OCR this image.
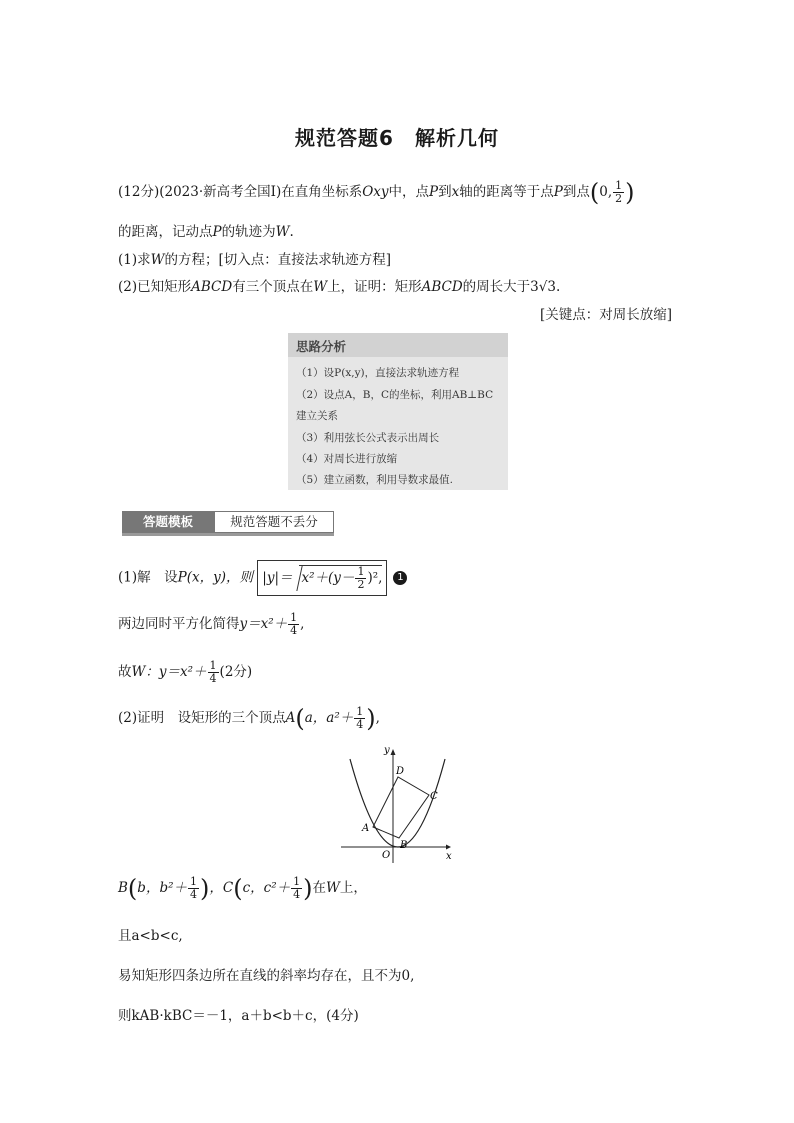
规范答题6　解析几何
(12分)(2023·新高考全国Ⅰ)在直角坐标系Oxy中，点P到x轴的距离等于点P到点(0, $\frac{1}{2}$ )
的距离，记动点P的轨迹为W.
(1)求W的方程；[切入点：直接法求轨迹方程]
(2)已知矩形ABCD有三个顶点在W上，证明：矩形ABCD的周长大于3√3.
[关键点：对周长放缩]
思路分析
（1）设P(x,y)，直接法求轨迹方程
（2）设点A，B，C的坐标，利用AB⊥BC
建立关系
（3）利用弦长公式表示出周长
（4）对周长进行放缩
（5）建立函数，利用导数求最值.
答题模板	规范答题不丢分
(1)解　设P(x，y)，则 $|y|= x^2+(y- \frac{1}{2} )^2$, 1
两边同时平方化简得$y=x^2+ \frac{1}{4}$ ,
故W：$y=x^2+ \frac{1}{4} (2$分)
(2)证明　设矩形的三个顶点A(a，$a^2+ \frac{1}{4}$ ),
y
x
O
A
B
C
D
B(b，$b^2+ \frac{1}{4}$ )，C(c，$c^2+ \frac{1}{4}$ )在W上，
且a<b<c,
易知矩形四条边所在直线的斜率均存在，且不为0,
则kAB·kBC＝－1，a＋b<b＋c，(4分)
